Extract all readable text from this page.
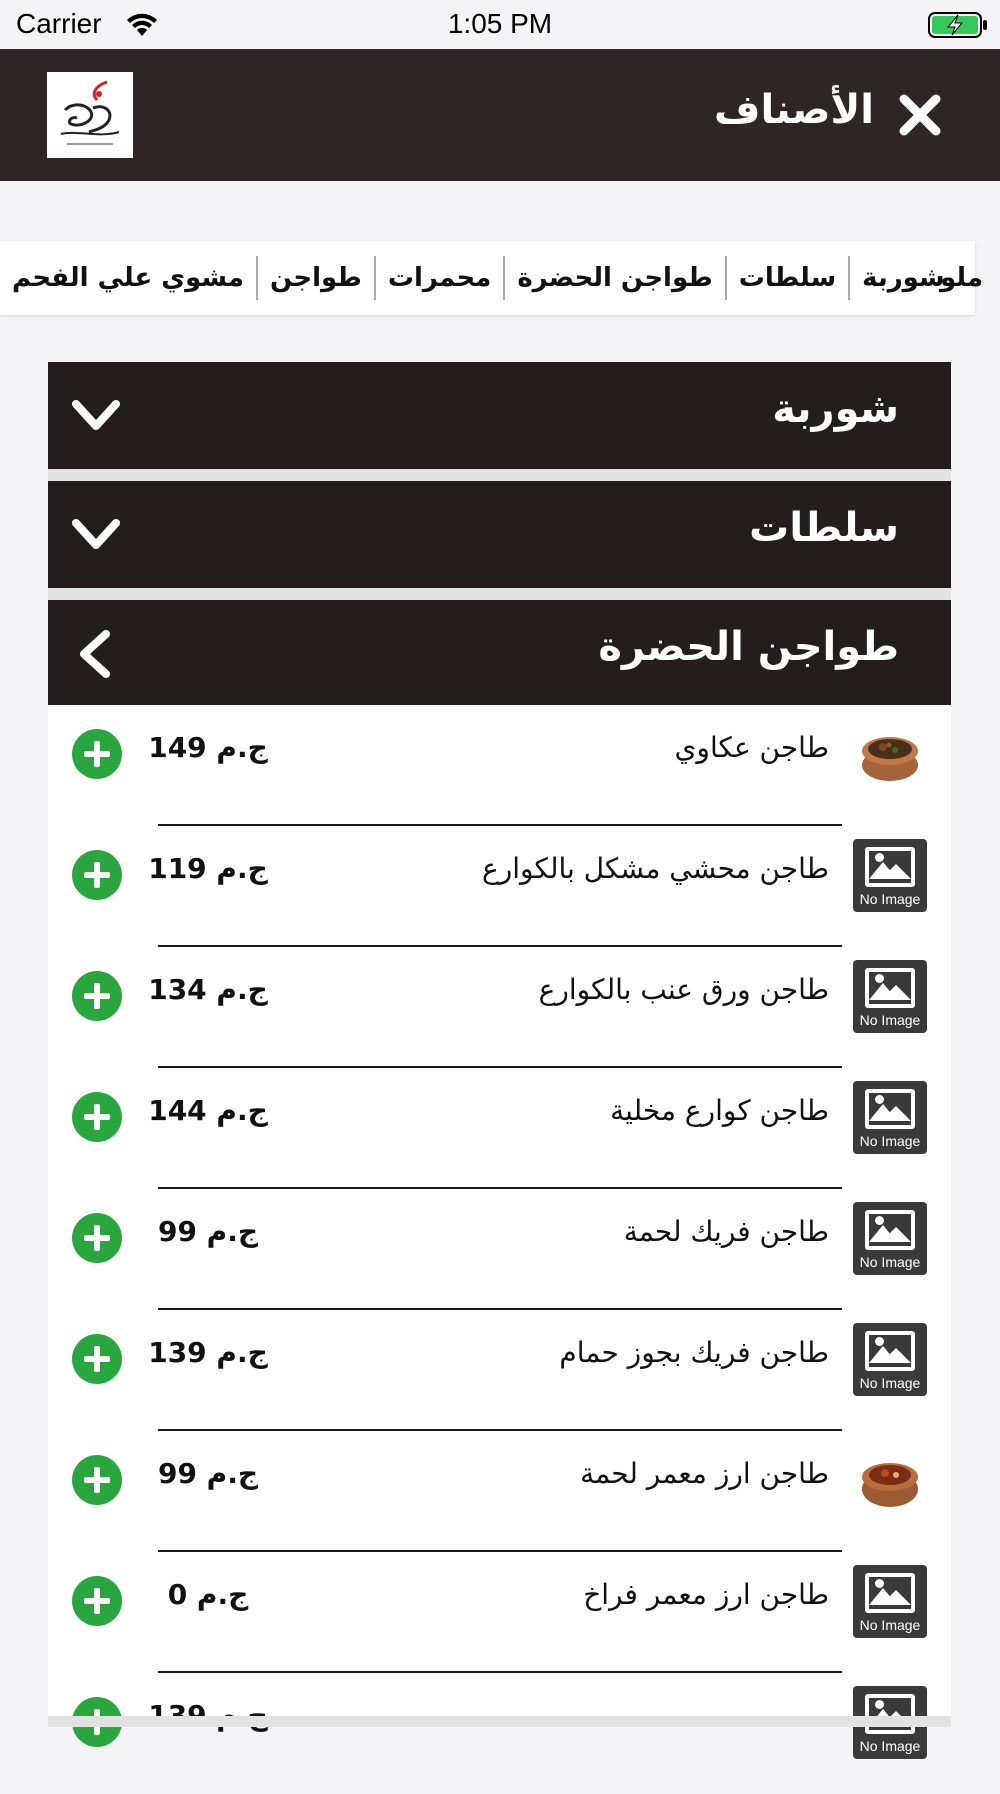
Carrier	1:05 PM
الأصناف
شوربة
سلطات
طواجن الحضرة
محمرات
طواجن
مشوي علي الفحم	ملو
شوربة
سلطات
طواجن الحضرة
طاجن عكاوي
ج.م 149
No Image
طاجن محشي مشكل بالكوارع
ج.م 119
No Image
طاجن ورق عنب بالكوارع
ج.م 134
No Image
طاجن كوارع مخلية
ج.م 144
No Image
طاجن فريك لحمة
ج.م 99
No Image
طاجن فريك بجوز حمام
ج.م 139
طاجن ارز معمر لحمة
ج.م 99
No Image
طاجن ارز معمر فراخ
ج.م 0
No Image
